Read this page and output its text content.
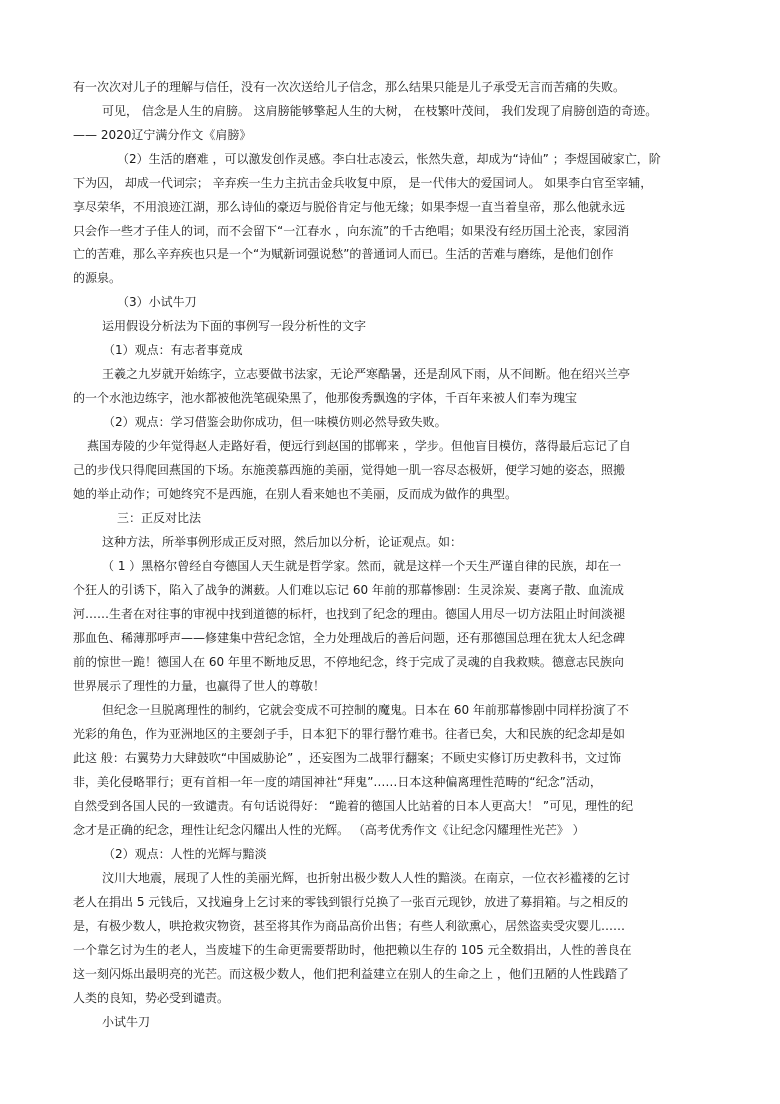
有一次次对儿子的理解与信任，没有一次次送给儿子信念，那么结果只能是儿子承受无言而苦痛的失败。

可见， 信念是人生的肩膀。 这肩膀能够擎起人生的大树， 在枝繁叶茂间， 我们发现了肩膀创造的奇迹。

—— 2020辽宁满分作文《肩膀》

（2）生活的磨难 ，可以激发创作灵感。李白壮志凌云，怅然失意，却成为“诗仙” ；李煜国破家亡，阶

下为囚， 却成一代词宗； 辛弃疾一生力主抗击金兵收复中原， 是一代伟大的爱国词人。 如果李白官至宰辅，

享尽荣华，不用浪迹江湖，那么诗仙的豪迈与脱俗肯定与他无缘；如果李煜一直当着皇帝，那么他就永远

只会作一些才子佳人的词，而不会留下“一江春水 ，向东流”的千古绝唱；如果没有经历国土沦丧，家园消

亡的苦难，那么辛弃疾也只是一个“为赋新词强说愁”的普通词人而已。生活的苦难与磨练，是他们创作

的源泉。

（3）小试牛刀

运用假设分析法为下面的事例写一段分析性的文字

（1）观点：有志者事竟成

王羲之九岁就开始练字，立志要做书法家，无论严寒酷暑，还是刮风下雨，从不间断。他在绍兴兰亭

的一个水池边练字，池水都被他洗笔砚染黑了，他那俊秀飘逸的字体，千百年来被人们奉为瑰宝

（2）观点：学习借鉴会助你成功，但一味模仿则必然导致失败。

燕国寿陵的少年觉得赵人走路好看，便远行到赵国的邯郸来 ，学步。但他盲目模仿，落得最后忘记了自

己的步伐只得爬回燕国的下场。东施羡慕西施的美丽，觉得她一肌一容尽态极妍，便学习她的姿态，照搬

她的举止动作；可她终究不是西施，在别人看来她也不美丽，反而成为做作的典型。

三：正反对比法

这种方法，所举事例形成正反对照，然后加以分析，论证观点。如：

（ 1 ）黑格尔曾经自夸德国人天生就是哲学家。然而，就是这样一个天生严谨自律的民族，却在一

个狂人的引诱下，陷入了战争的渊薮。人们难以忘记 60 年前的那幕惨剧：生灵涂炭、妻离子散、血流成

河……生者在对往事的审视中找到道德的标杆，也找到了纪念的理由。德国人用尽一切方法阻止时间淡褪

那血色、稀薄那呼声——修建集中营纪念馆，全力处理战后的善后问题，还有那德国总理在犹太人纪念碑

前的惊世一跪！德国人在 60 年里不断地反思，不停地纪念，终于完成了灵魂的自我救赎。德意志民族向

世界展示了理性的力量，也赢得了世人的尊敬！

但纪念一旦脱离理性的制约，它就会变成不可控制的魔鬼。日本在 60 年前那幕惨剧中同样扮演了不

光彩的角色，作为亚洲地区的主要刽子手，日本犯下的罪行罄竹难书。往者已矣，大和民族的纪念却是如

此这 般：右翼势力大肆鼓吹“中国威胁论” ，还妄图为二战罪行翻案；不顾史实修订历史教科书，文过饰

非，美化侵略罪行；更有首相一年一度的靖国神社“拜鬼”……日本这种偏离理性范畴的“纪念”活动，

自然受到各国人民的一致谴责。有句话说得好： “跪着的德国人比站着的日本人更高大！ ”可见，理性的纪

念才是正确的纪念，理性让纪念闪耀出人性的光辉。 （高考优秀作文《让纪念闪耀理性光芒》 ）

（2）观点：人性的光辉与黯淡

汶川大地震，展现了人性的美丽光辉，也折射出极少数人人性的黯淡。在南京，一位衣衫褴褛的乞讨

老人在捐出 5 元钱后，又找遍身上乞讨来的零钱到银行兑换了一张百元现钞，放进了募捐箱。与之相反的

是，有极少数人，哄抢救灾物资，甚至将其作为商品高价出售；有些人利欲熏心，居然盗卖受灾婴儿……

一个靠乞讨为生的老人，当废墟下的生命更需要帮助时，他把赖以生存的 105 元全数捐出，人性的善良在

这一刻闪烁出最明亮的光芒。而这极少数人，他们把利益建立在别人的生命之上 ，他们丑陋的人性践踏了

人类的良知，势必受到谴责。

小试牛刀
